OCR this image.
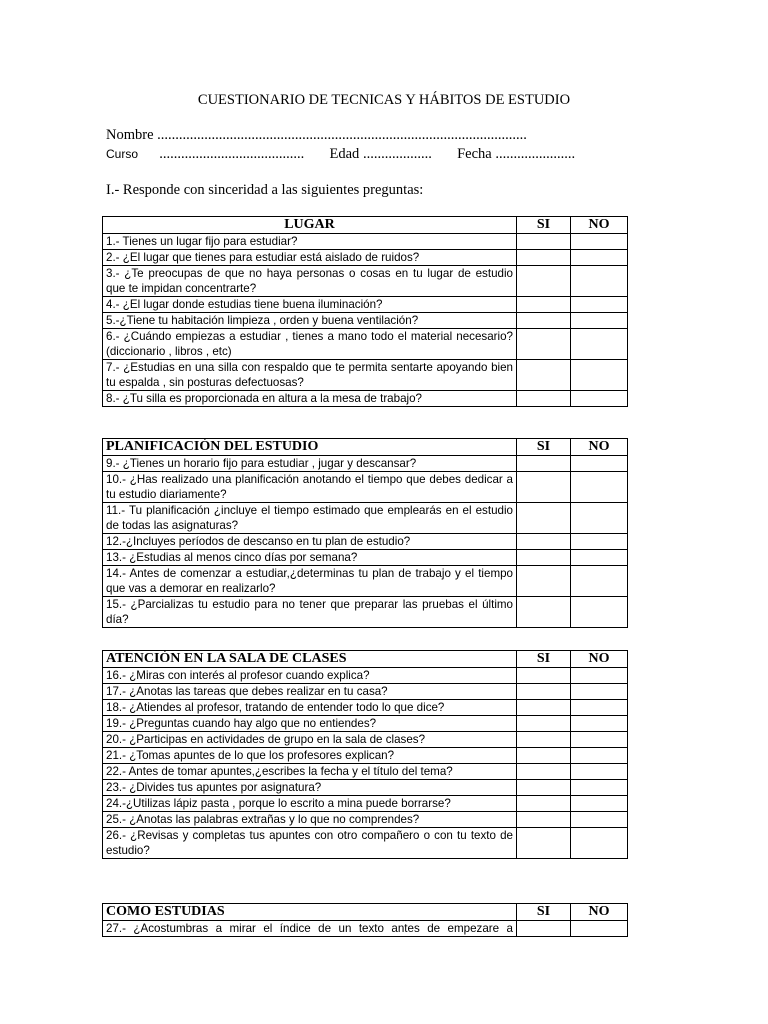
CUESTIONARIO DE TECNICAS Y HÁBITOS DE ESTUDIO
Nombre ......................................................................................................
Curso ........................................ Edad ................... Fecha ......................
I.- Responde con sinceridad a las siguientes preguntas:
LUGAR	SI	NO
1.- Tienes un lugar fijo para estudiar?		
2.- ¿El lugar que tienes para estudiar está aislado de ruidos?		
3.- ¿Te preocupas de que no haya personas o cosas en tu lugar de estudio que te impidan concentrarte?		
4.- ¿El lugar donde estudias tiene buena iluminación?		
5.-¿Tiene tu habitación limpieza , orden y buena ventilación?		
6.- ¿Cuándo empiezas a estudiar , tienes a mano todo el material necesario?(diccionario , libros , etc)		
7.- ¿Estudias en una silla con respaldo que te permita sentarte apoyando bien tu espalda , sin posturas defectuosas?		
8.- ¿Tu silla es proporcionada en altura a la mesa de trabajo?		
PLANIFICACIÓN DEL ESTUDIO	SI	NO
9.- ¿Tienes un horario fijo para estudiar , jugar y descansar?		
10.- ¿Has realizado una planificación anotando el tiempo que debes dedicar a tu estudio diariamente?		
11.- Tu planificación ¿incluye el tiempo estimado que emplearás en el estudio de todas las asignaturas?		
12.-¿Incluyes períodos de descanso en tu plan de estudio?		
13.- ¿Estudias al menos cinco días por semana?		
14.- Antes de comenzar a estudiar,¿determinas tu plan de trabajo y el tiempo que vas a demorar en realizarlo?		
15.- ¿Parcializas tu estudio para no tener que preparar las pruebas el último día?		
ATENCIÓN EN LA SALA DE CLASES	SI	NO
16.- ¿Miras con interés al profesor cuando explica?		
17.- ¿Anotas las tareas que debes realizar en tu casa?		
18.- ¿Atiendes al profesor, tratando de entender todo lo que dice?		
19.- ¿Preguntas cuando hay algo que no entiendes?		
20.- ¿Participas en actividades de grupo en la sala de clases?		
21.- ¿Tomas apuntes de lo que los profesores explican?		
22.- Antes de tomar apuntes,¿escribes la fecha y el título del tema?		
23.- ¿Divides tus apuntes por asignatura?		
24.-¿Utilizas lápiz pasta , porque lo escrito a mina puede borrarse?		
25.- ¿Anotas las palabras extrañas y lo que no comprendes?		
26.- ¿Revisas y completas tus apuntes con otro compañero o con tu texto de estudio?		
COMO ESTUDIAS	SI	NO
27.- ¿Acostumbras a mirar el índice de un texto antes de empezare a		
